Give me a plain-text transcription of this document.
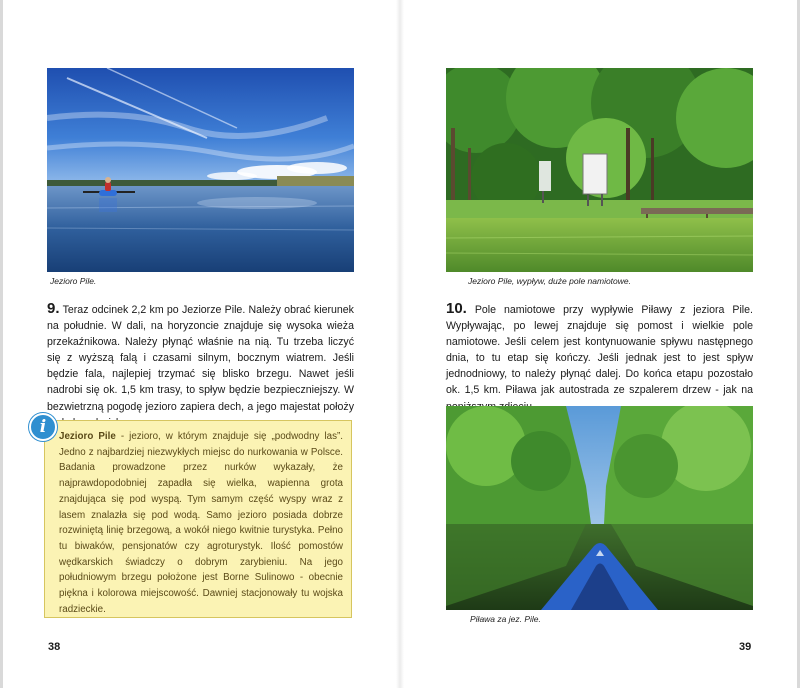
Jezioro Pile.
9. Teraz odcinek 2,2 km po Jeziorze Pile. Należy obrać kierunek na południe. W dali, na horyzoncie znajduje się wysoka wieża przekaźnikowa. Należy płynąć właśnie na nią. Tu trzeba liczyć się z wyższą falą i czasami silnym, bocznym wiatrem. Jeśli będzie fala, najlepiej trzymać się blisko brzegu. Nawet jeśli nadrobi się ok. 1,5 km trasy, to spływ będzie bezpieczniejszy. W bezwietrzną pogodę jezioro zapiera dech, a jego majestat położy
Jezioro Pile - jezioro, w którym znajduje się „podwodny las”. Jedno z najbardziej niezwykłych miejsc do nurkowania w Polsce. Badania prowadzone przez nurków wykazały, że najprawdopodobniej zapadła się wielka, wapienna grota znajdująca się pod wyspą. Tym samym część wyspy wraz z lasem znalazła się pod wodą. Samo jezioro posiada dobrze rozwiniętą linię brzegową, a wokół niego kwitnie turystyka. Pełno tu biwaków, pensjonatów czy agroturystyk. Ilość pomostów wędkarskich świadczy o dobrym zarybieniu. Na jego południowym brzegu położone jest Borne Sulinowo - obecnie piękna i kolorowa miejscowość. Dawniej stacjonowały tu wojska radzieckie.
i
38
Jezioro Pile, wypływ, duże pole namiotowe.
10. Pole namiotowe przy wypływie Piławy z jeziora Pile. Wypływając, po lewej znajduje się pomost i wielkie pole namiotowe. Jeśli celem jest kontynuowanie spływu następnego dnia, to tu etap się kończy. Jeśli jednak jest to jest spływ jednodniowy, to należy płynąć dalej. Do końca etapu pozostało ok. 1,5 km. Piława jak autostrada ze szpalerem drzew - jak na
Piława za jez. Pile.
39
